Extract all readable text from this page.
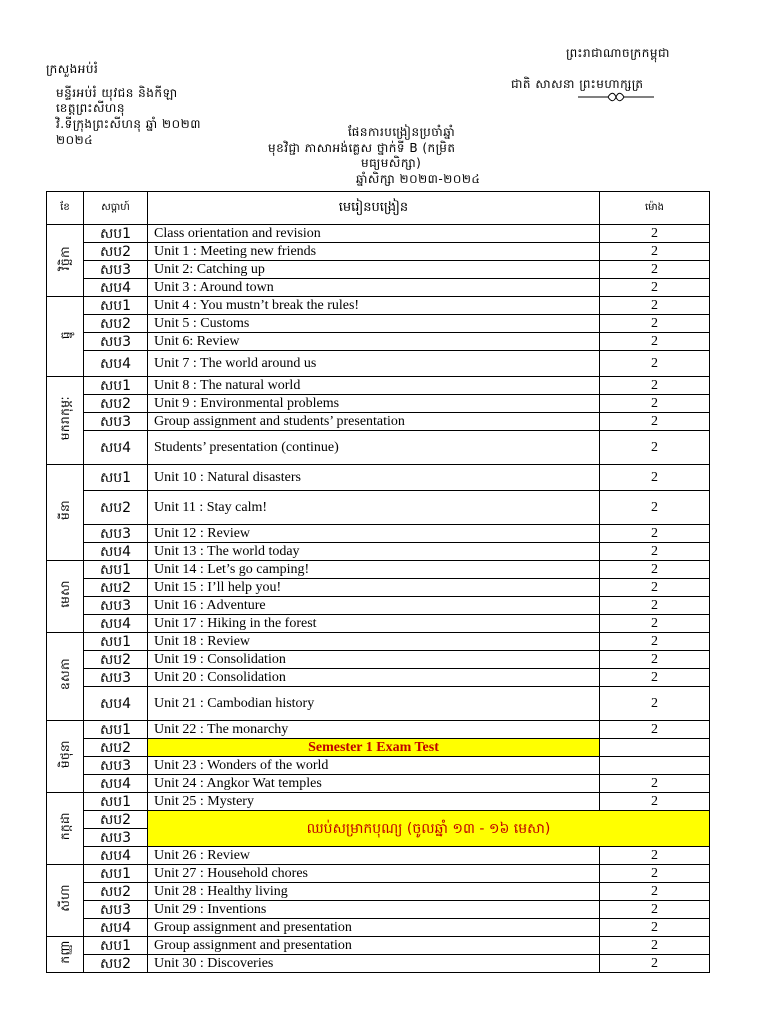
ព្រះរាជាណាចក្រកម្ពុជា
ក្រសួងអប់រំ
ជាតិ សាសនា ព្រះមហាក្សត្រ
មន្ទីរអប់រំ យុវជន និងកីឡា
ខេត្តព្រះសីហនុ
វិ.ទីក្រុងព្រះសីហនុ ឆ្នាំ ២០២៣
២០២៤
ផែនការបង្រៀនប្រចាំឆ្នាំ
មុខវិជ្ជា ភាសាអង់គ្លេស ថ្នាក់ទី B (កម្រិត
មធ្យមសិក្សា)
ឆ្នាំសិក្សា ២០២៣-២០២៤
ខែ	សប្តាហ៍	មេរៀនបង្រៀន	ម៉ោង
វិច្ឆិកា	សប1	Class orientation and revision	2
	សប2	Unit 1 : Meeting new friends	2
	សប3	Unit 2: Catching up	2
	សប4	Unit 3 : Around town	2
ធ្នូ	សប1	Unit 4 : You mustn’t break the rules!	2
	សប2	Unit 5 : Customs	2
	សប3	Unit 6: Review	2
	សប4	Unit 7 : The world around us	2
មករាកុម្ភៈ	សប1	Unit 8 : The natural world	2
	សប2	Unit 9 : Environmental problems	2
	សប3	Group assignment and students’ presentation	2
	សប4	Students’ presentation (continue)	2
មីនា	សប1	Unit 10 : Natural disasters	2
	សប2	Unit 11 : Stay calm!	2
	សប3	Unit 12 : Review	2
	សប4	Unit 13 : The world today	2
មេសា	សប1	Unit 14 : Let’s go camping!	2
	សប2	Unit 15 : I’ll help you!	2
	សប3	Unit 16 : Adventure	2
	សប4	Unit 17 : Hiking in the forest	2
ឧសភា	សប1	Unit 18 : Review	2
	សប2	Unit 19 : Consolidation	2
	សប3	Unit 20 : Consolidation	2
	សប4	Unit 21 : Cambodian history	2
មិថុនា	សប1	Unit 22 : The monarchy	2
	សប2	Semester 1 Exam Test	
	សប3	Unit 23 : Wonders of the world	
	សប4	Unit 24 : Angkor Wat temples	2
កក្កដា	សប1	Unit 25 : Mystery	2
	សប2	ឈប់សម្រាកបុណ្យ (ចូលឆ្នាំ ១៣ - ១៦ មេសា)	
	សប3		
	សប4	Unit 26 : Review	2
សីហា	សប1	Unit 27 : Household chores	2
	សប2	Unit 28 : Healthy living	2
	សប3	Unit 29 : Inventions	2
	សប4	Group assignment and presentation	2
កញ្ញា	សប1	Group assignment and presentation	2
	សប2	Unit 30 : Discoveries	2
